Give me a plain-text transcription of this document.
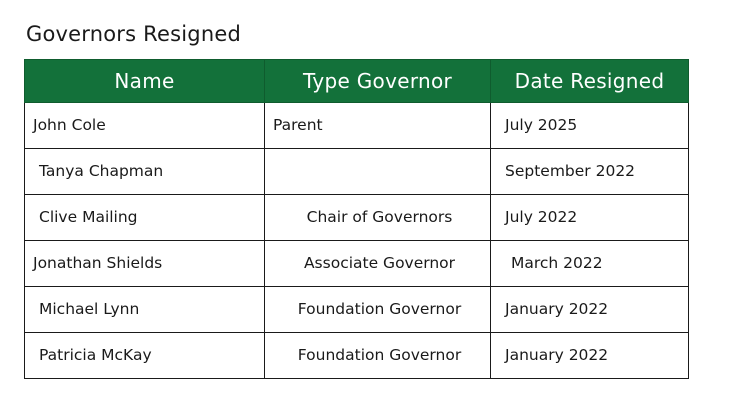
Governors Resigned
Name	Type Governor	Date Resigned

John Cole	Parent	July 2025

Tanya Chapman		September 2022

Clive Mailing	Chair of Governors	July 2022

Jonathan Shields	Associate Governor	March 2022

Michael Lynn	Foundation Governor	January 2022

Patricia McKay	Foundation Governor	January 2022
